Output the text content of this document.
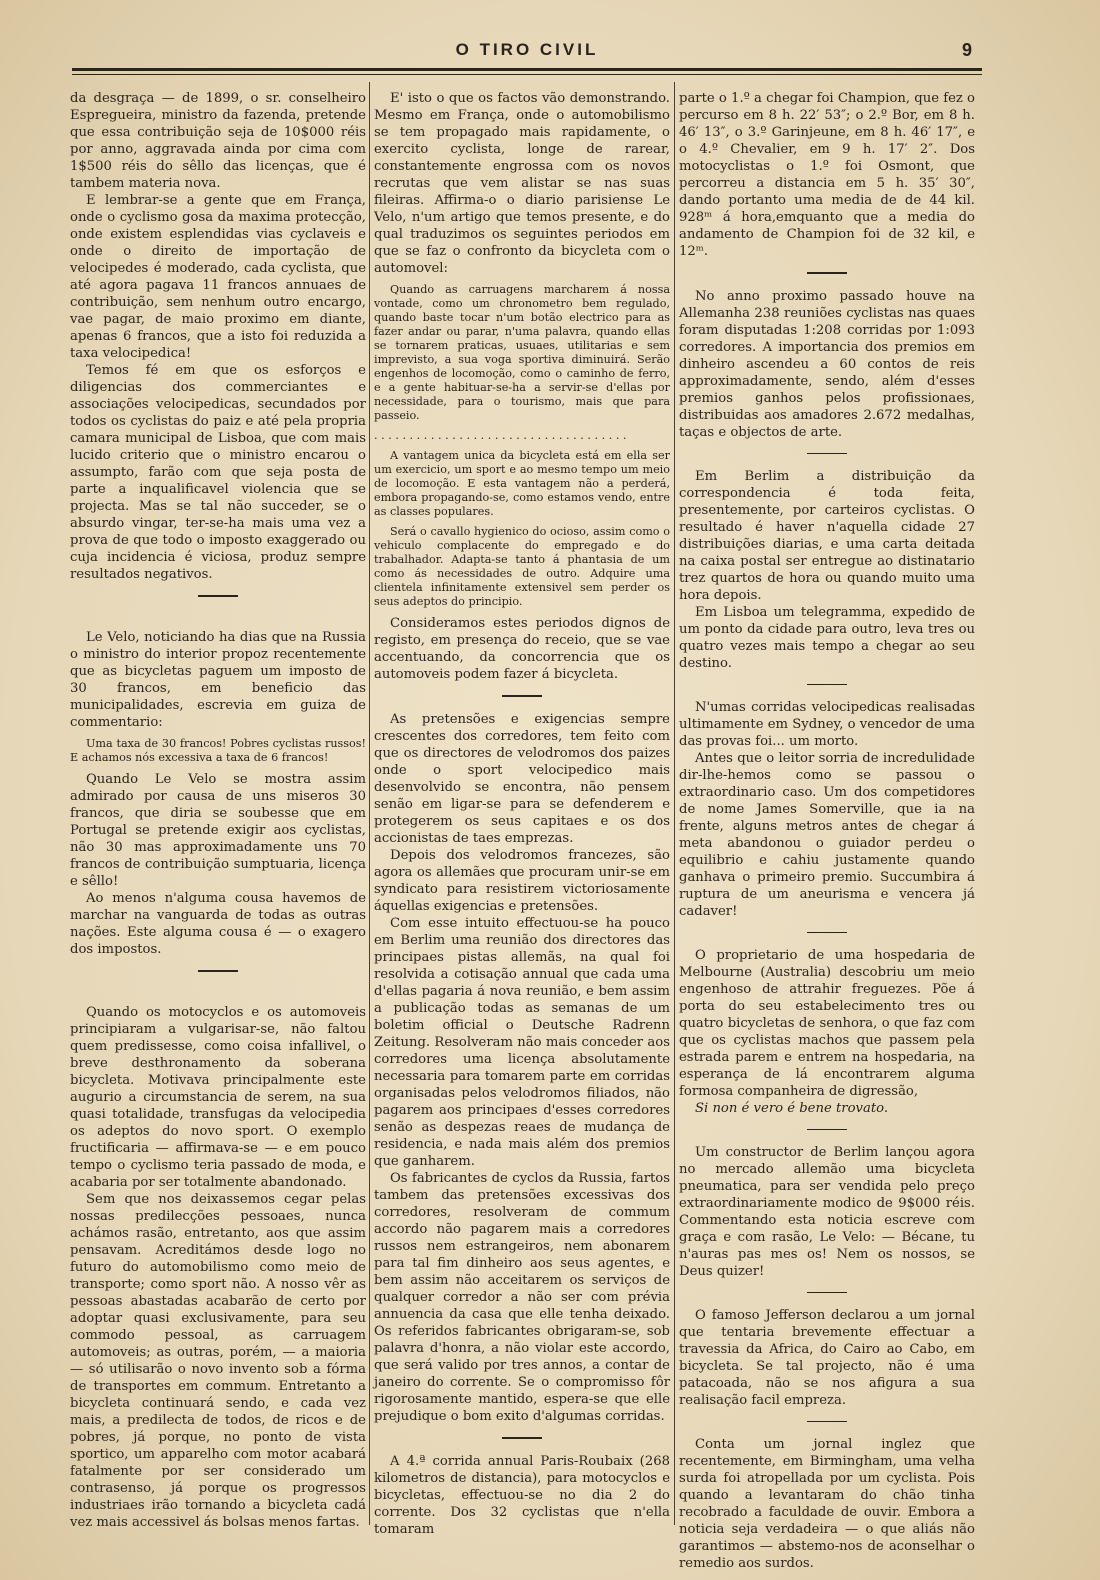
O TIRO CIVIL	9

da desgraça — de 1899, o sr. conselheiro Espregueira, ministro da fazenda, pretende que essa contribuição seja de 10$000 réis por anno, aggravada ainda por cima com 1$500 réis do sêllo das licenças, que é tambem materia nova.

E lembrar-se a gente que em França, onde o cyclismo gosa da maxima protecção, onde existem esplendidas vias cyclaveis e onde o direito de importação de velocipedes é moderado, cada cyclista, que até agora pagava 11 francos annuaes de contribuição, sem nenhum outro encargo, vae pagar, de maio proximo em diante, apenas 6 francos, que a isto foi reduzida a taxa velocipedica!

Temos fé em que os esforços e diligencias dos commerciantes e associações velocipedicas, secundados por todos os cyclistas do paiz e até pela propria camara municipal de Lisboa, que com mais lucido criterio que o ministro encarou o assumpto, farão com que seja posta de parte a inqualificavel violencia que se projecta. Mas se tal não succeder, se o absurdo vingar, ter-se-ha mais uma vez a prova de que todo o imposto exaggerado ou cuja incidencia é viciosa, produz sempre resultados negativos.

Le Velo, noticiando ha dias que na Russia o ministro do interior propoz recentemente que as bicycletas paguem um imposto de 30 francos, em beneficio das municipalidades, escrevia em guiza de commentario:

Uma taxa de 30 francos! Pobres cyclistas russos! E achamos nós excessiva a taxa de 6 francos!

Quando Le Velo se mostra assim admirado por causa de uns miseros 30 francos, que diria se soubesse que em Portugal se pretende exigir aos cyclistas, não 30 mas approximadamente uns 70 francos de contribuição sumptuaria, licença e sêllo!

Ao menos n'alguma cousa havemos de marchar na vanguarda de todas as outras nações. Este alguma cousa é — o exagero dos impostos.

Quando os motocyclos e os automoveis principiaram a vulgarisar-se, não faltou quem predissesse, como coisa infallivel, o breve desthronamento da soberana bicycleta. Motivava principalmente este augurio a circumstancia de serem, na sua quasi totalidade, transfugas da velocipedia os adeptos do novo sport. O exemplo fructificaria — affirmava-se — e em pouco tempo o cyclismo teria passado de moda, e acabaria por ser totalmente abandonado.

Sem que nos deixassemos cegar pelas nossas predilecções pessoaes, nunca achámos rasão, entretanto, aos que assim pensavam. Acreditámos desde logo no futuro do automobilismo como meio de transporte; como sport não. A nosso vêr as pessoas abastadas acabarão de certo por adoptar quasi exclusivamente, para seu commodo pessoal, as carruagem automoveis; as outras, porém, — a maioria — só utilisarão o novo invento sob a fórma de transportes em commum. Entretanto a bicycleta continuará sendo, e cada vez mais, a predilecta de todos, de ricos e de pobres, já porque, no ponto de vista sportico, um apparelho com motor acabará fatalmente por ser considerado um contrasenso, já porque os progressos industriaes irão tornando a bicycleta cadá vez mais accessivel ás bolsas menos fartas.

E' isto o que os factos vão demonstrando. Mesmo em França, onde o automobilismo se tem propagado mais rapidamente, o exercito cyclista, longe de rarear, constantemente engrossa com os novos recrutas que vem alistar se nas suas fileiras. Affirma-o o diario parisiense Le Velo, n'um artigo que temos presente, e do qual traduzimos os seguintes periodos em que se faz o confronto da bicycleta com o automovel:

Quando as carruagens marcharem á nossa vontade, como um chronometro bem regulado, quando baste tocar n'um botão electrico para as fazer andar ou parar, n'uma palavra, quando ellas se tornarem praticas, usuaes, utilitarias e sem imprevisto, a sua voga sportiva diminuirá. Serão engenhos de locomoção, como o caminho de ferro, e a gente habituar-se-ha a servir-se d'ellas por necessidade, para o tourismo, mais que para passeio.

. . . . . . . . . . . . . . . . . . . . . . . . . . . . . . . . . . . .

A vantagem unica da bicycleta está em ella ser um exercicio, um sport e ao mesmo tempo um meio de locomoção. E esta vantagem não a perderá, embora propagando-se, como estamos vendo, entre as classes populares.

Será o cavallo hygienico do ocioso, assim como o vehiculo complacente do empregado e do trabalhador. Adapta-se tanto á phantasia de um como ás necessidades de outro. Adquire uma clientela infinitamente extensivel sem perder os seus adeptos do principio.

Consideramos estes periodos dignos de registo, em presença do receio, que se vae accentuando, da concorrencia que os automoveis podem fazer á bicycleta.

As pretensões e exigencias sempre crescentes dos corredores, tem feito com que os directores de velodromos dos paizes onde o sport velocipedico mais desenvolvido se encontra, não pensem senão em ligar-se para se defenderem e protegerem os seus capitaes e os dos accionistas de taes emprezas.

Depois dos velodromos francezes, são agora os allemães que procuram unir-se em syndicato para resistirem victoriosamente áquellas exigencias e pretensões.

Com esse intuito effectuou-se ha pouco em Berlim uma reunião dos directores das principaes pistas allemãs, na qual foi resolvida a cotisação annual que cada uma d'ellas pagaria á nova reunião, e bem assim a publicação todas as semanas de um boletim official o Deutsche Radrenn Zeitung. Resolveram não mais conceder aos corredores uma licença absolutamente necessaria para tomarem parte em corridas organisadas pelos velodromos filiados, não pagarem aos principaes d'esses corredores senão as despezas reaes de mudança de residencia, e nada mais além dos premios que ganharem.

Os fabricantes de cyclos da Russia, fartos tambem das pretensões excessivas dos corredores, resolveram de commum accordo não pagarem mais a corredores russos nem estrangeiros, nem abonarem para tal fim dinheiro aos seus agentes, e bem assim não acceitarem os serviços de qualquer corredor a não ser com prévia annuencia da casa que elle tenha deixado. Os referidos fabricantes obrigaram-se, sob palavra d'honra, a não violar este accordo, que será valido por tres annos, a contar de janeiro do corrente. Se o compromisso fôr rigorosamente mantido, espera-se que elle prejudique o bom exito d'algumas corridas.

A 4.ª corrida annual Paris-Roubaix (268 kilometros de distancia), para motocyclos e bicycletas, effectuou-se no dia 2 do corrente. Dos 32 cyclistas que n'ella tomaram

parte o 1.º a chegar foi Champion, que fez o percurso em 8 h. 22′ 53″; o 2.º Bor, em 8 h. 46′ 13″, o 3.º Garinjeune, em 8 h. 46′ 17″, e o 4.º Chevalier, em 9 h. 17′ 2″. Dos motocyclistas o 1.º foi Osmont, que percorreu a distancia em 5 h. 35′ 30″, dando portanto uma media de de 44 kil. 928ᵐ á hora,emquanto que a media do andamento de Champion foi de 32 kil, e 12ᵐ.

No anno proximo passado houve na Allemanha 238 reuniões cyclistas nas quaes foram disputadas 1:208 corridas por 1:093 corredores. A importancia dos premios em dinheiro ascendeu a 60 contos de reis approximadamente, sendo, além d'esses premios ganhos pelos profissionaes, distribuidas aos amadores 2.672 medalhas, taças e objectos de arte.

Em Berlim a distribuição da correspondencia é toda feita, presentemente, por carteiros cyclistas. O resultado é haver n'aquella cidade 27 distribuições diarias, e uma carta deitada na caixa postal ser entregue ao distinatario trez quartos de hora ou quando muito uma hora depois.

Em Lisboa um telegramma, expedido de um ponto da cidade para outro, leva tres ou quatro vezes mais tempo a chegar ao seu destino.

N'umas corridas velocipedicas realisadas ultimamente em Sydney, o vencedor de uma das provas foi... um morto.

Antes que o leitor sorria de incredulidade dir-lhe-hemos como se passou o extraordinario caso. Um dos competidores de nome James Somerville, que ia na frente, alguns metros antes de chegar á meta abandonou o guiador perdeu o equilibrio e cahiu justamente quando ganhava o primeiro premio. Succumbira á ruptura de um aneurisma e vencera já cadaver!

O proprietario de uma hospedaria de Melbourne (Australia) descobriu um meio engenhoso de attrahir freguezes. Põe á porta do seu estabelecimento tres ou quatro bicycletas de senhora, o que faz com que os cyclistas machos que passem pela estrada parem e entrem na hospedaria, na esperança de lá encontrarem alguma formosa companheira de digressão,

Si non é vero é bene trovato.

Um constructor de Berlim lançou agora no mercado allemão uma bicycleta pneumatica, para ser vendida pelo preço extraordinariamente modico de 9$000 réis. Commentando esta noticia escreve com graça e com rasão, Le Velo: — Bécane, tu n'auras pas mes os! Nem os nossos, se Deus quizer!

O famoso Jefferson declarou a um jornal que tentaria brevemente effectuar a travessia da Africa, do Cairo ao Cabo, em bicycleta. Se tal projecto, não é uma patacoada, não se nos afigura a sua realisação facil empreza.

Conta um jornal inglez que recentemente, em Birmingham, uma velha surda foi atropellada por um cyclista. Pois quando a levantaram do chão tinha recobrado a faculdade de ouvir. Embora a noticia seja verdadeira — o que aliás não garantimos — abstemo-nos de aconselhar o remedio aos surdos.
